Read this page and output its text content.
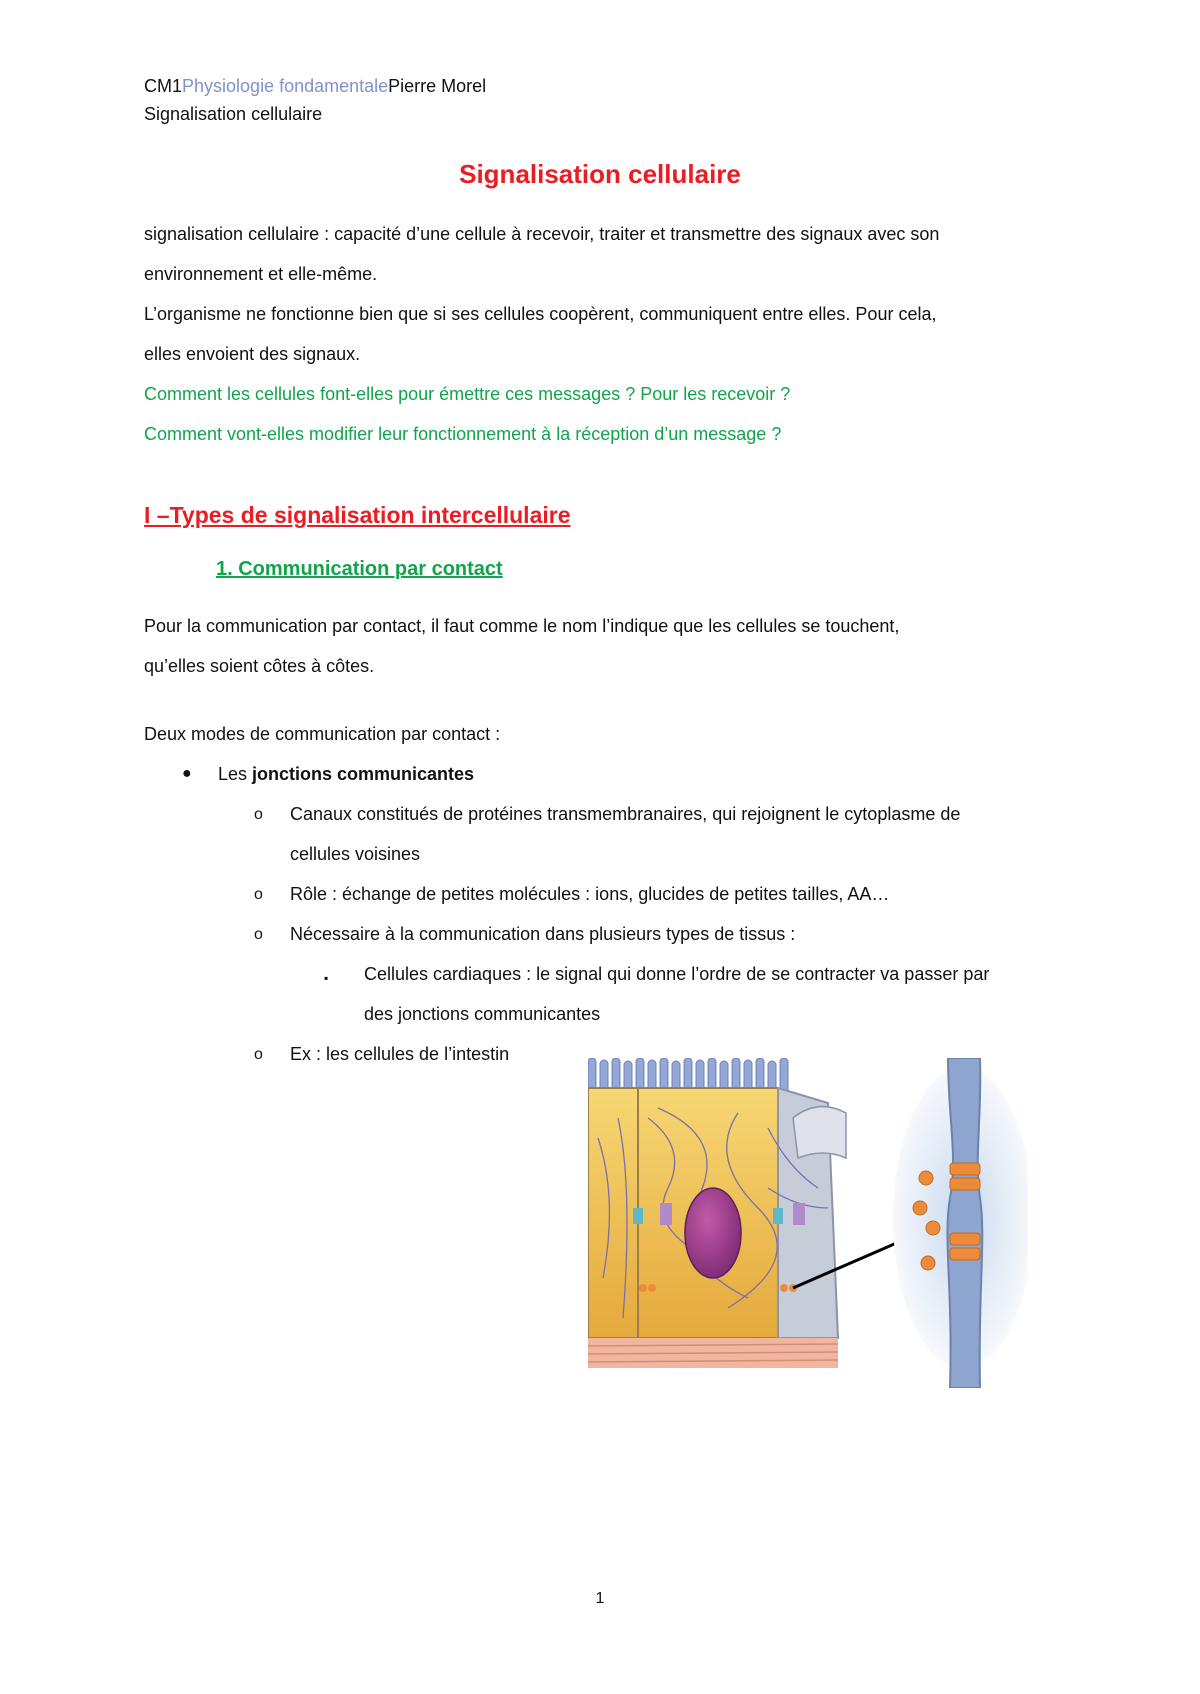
CM1Physiologie fondamentalePierre Morel
Signalisation cellulaire
Signalisation cellulaire
signalisation cellulaire : capacité d’une cellule à recevoir, traiter et transmettre des signaux avec son
environnement et elle-même.
L’organisme ne fonctionne bien que si ses cellules coopèrent, communiquent entre elles. Pour cela,
elles envoient des signaux.
Comment les cellules font-elles pour émettre ces messages ? Pour les recevoir ?
Comment vont-elles modifier leur fonctionnement à la réception d’un message ?
I –Types de signalisation intercellulaire
1. Communication par contact
Pour la communication par contact, il faut comme le nom l’indique que les cellules se touchent,
qu’elles soient côtes à côtes.
Deux modes de communication par contact :
● Les jonctions communicantes
o Canaux constitués de protéines transmembranaires, qui rejoignent le cytoplasme de
cellules voisines
o Rôle : échange de petites molécules : ions, glucides de petites tailles, AA…
o Nécessaire à la communication dans plusieurs types de tissus :
▪ Cellules cardiaques : le signal qui donne l’ordre de se contracter va passer par
des jonctions communicantes
o Ex : les cellules de l’intestin
1
